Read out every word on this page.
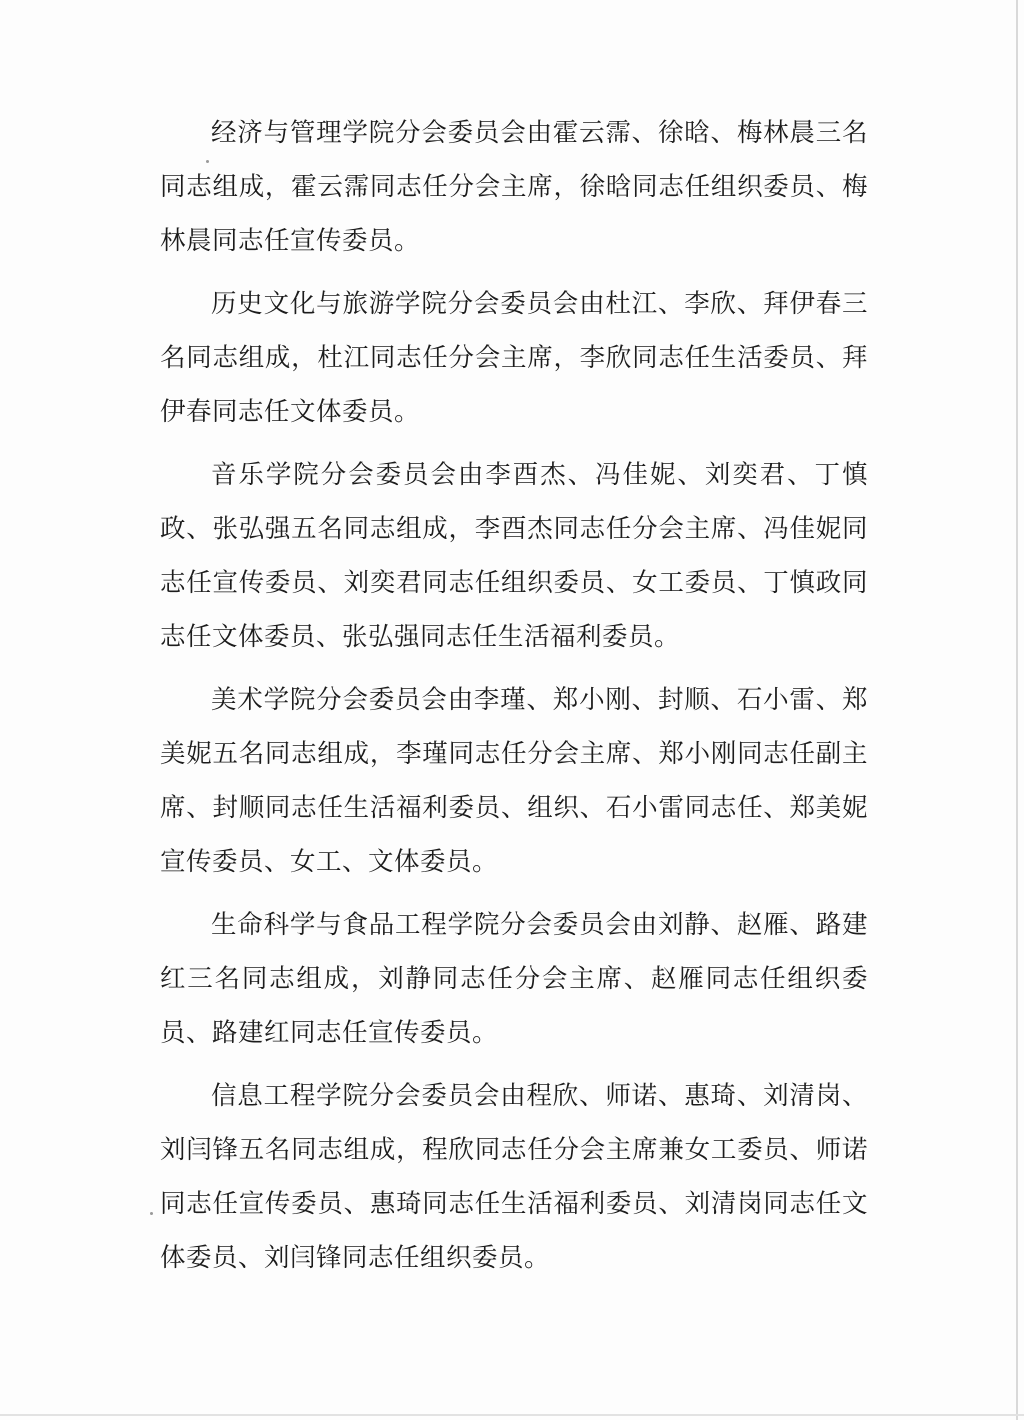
经济与管理学院分会委员会由霍云霈、徐晗、梅林晨三名同志组成，霍云霈同志任分会主席，徐晗同志任组织委员、梅林晨同志任宣传委员。

历史文化与旅游学院分会委员会由杜江、李欣、拜伊春三名同志组成，杜江同志任分会主席，李欣同志任生活委员、拜伊春同志任文体委员。

音乐学院分会委员会由李酉杰、冯佳妮、刘奕君、丁慎政、张弘强五名同志组成，李酉杰同志任分会主席、冯佳妮同志任宣传委员、刘奕君同志任组织委员、女工委员、丁慎政同志任文体委员、张弘强同志任生活福利委员。

美术学院分会委员会由李瑾、郑小刚、封顺、石小雷、郑美妮五名同志组成，李瑾同志任分会主席、郑小刚同志任副主席、封顺同志任生活福利委员、组织、石小雷同志任、郑美妮宣传委员、女工、文体委员。

生命科学与食品工程学院分会委员会由刘静、赵雁、路建红三名同志组成，刘静同志任分会主席、赵雁同志任组织委员、路建红同志任宣传委员。

信息工程学院分会委员会由程欣、师诺、惠琦、刘清岗、刘闫锋五名同志组成，程欣同志任分会主席兼女工委员、师诺同志任宣传委员、惠琦同志任生活福利委员、刘清岗同志任文体委员、刘闫锋同志任组织委员。
